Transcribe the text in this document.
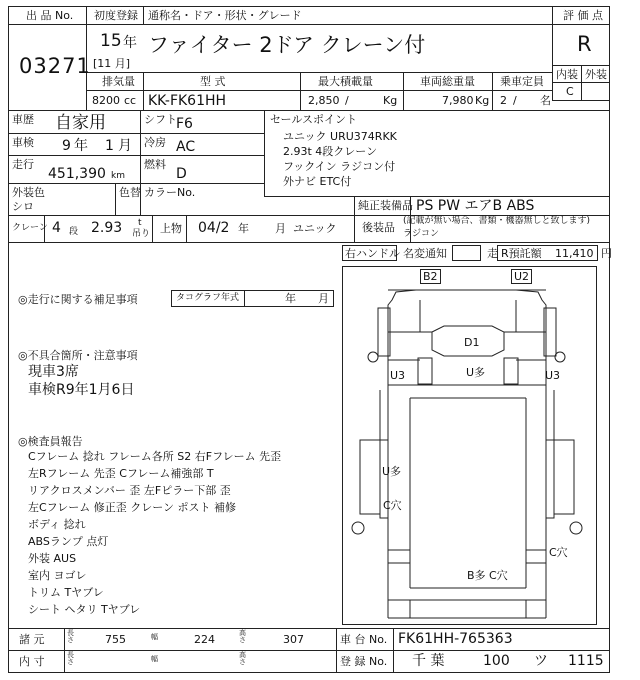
出 品 No. 初度登録 通称名・ドア・形状・グレード	評 価 点
03271
15 年
[11 月]
ファイター 2ドア クレーン付	R
内装 外装
C
排気量	型 式	最大積載量	車両総重量 乗車定員
8200 cc KK-FK61HH	2,850 /	Kg	7,980 Kg 2 / 名
車歴 自家用	シフト F6
車検 9 年 1 月 冷房 AC
走行
451,390 km
燃料
D
外装色
シロ
色替 カラーNo.
セールスポイント
ユニック URU374RKK
2.93t 4段クレーン
フックイン ラジコン付
外ナビ ETC付
純正装備品 PS PW エアB ABS
後装品 (記載が無い場合、書類・機器無しと致します)
ラジコン
クレーン 4 段 2.93 t
吊り 上物 04/2 年 月 ユニック
右ハンドル 名変通知	走 R預託額 11,410 円
◎走行に関する補足事項	タコグラフ年式	年 月
◎不具合箇所・注意事項
現車3席
車検R9年1月6日
◎検査員報告
Cフレーム 捻れ フレーム各所 S2 右Fフレーム 先歪
左Rフレーム 先歪 Cフレーム補強部 T
リアクロスメンバー 歪 左Fピラー下部 歪
左Cフレーム 修正歪 クレーン ポスト 補修
ボディ 捻れ
ABSランプ 点灯
外装 AUS
室内 ヨゴレ
トリム Tヤブレ
シート ヘタリ Tヤブレ
B2	U2
D1
U3	U3
U多
U多
C穴
C穴
B多 C穴
諸 元	長さ	755	幅	224	高さ	307	車 台 No. FK61HH-765363
内 寸	長さ	幅	高さ	登 録 No. 千 葉	100 ツ 1115
